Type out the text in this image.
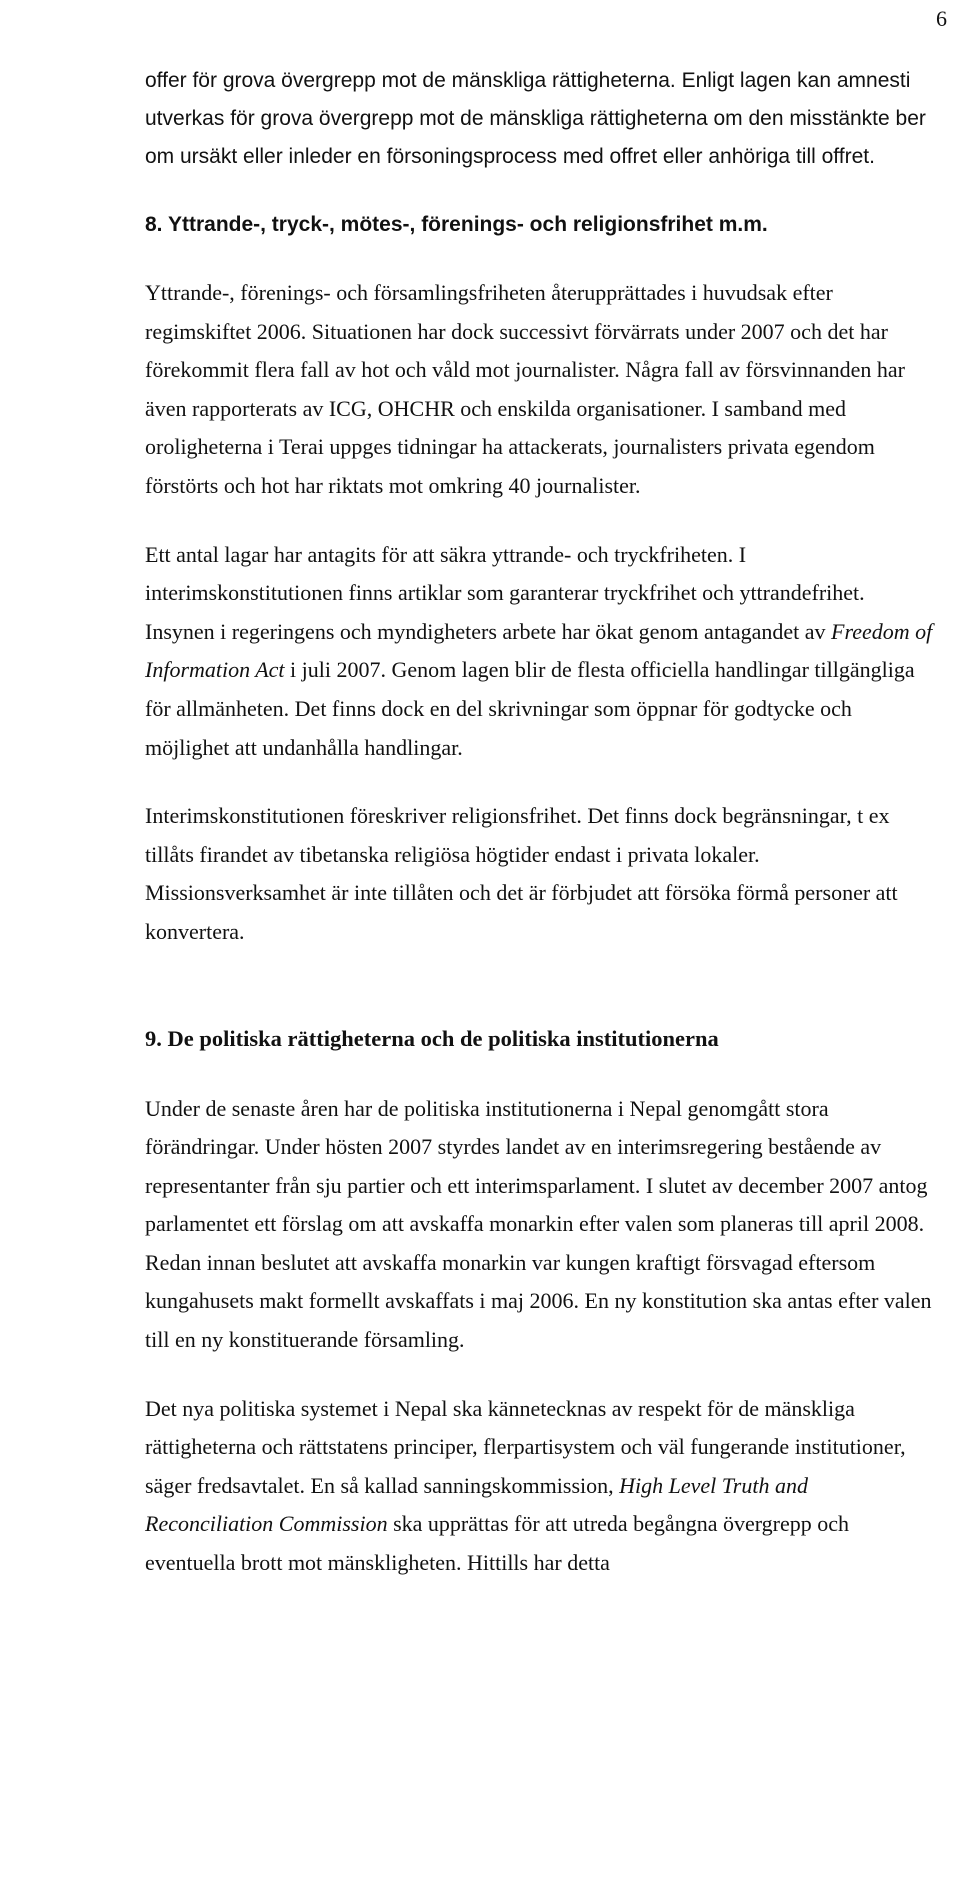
6

offer för grova övergrepp mot de mänskliga rättigheterna. Enligt lagen kan amnesti utverkas för grova övergrepp mot de mänskliga rättigheterna om den misstänkte ber om ursäkt eller inleder en försoningsprocess med offret eller anhöriga till offret.

8. Yttrande-, tryck-, mötes-, förenings- och religionsfrihet m.m.

Yttrande-, förenings- och församlingsfriheten återupprättades i huvudsak efter regimskiftet 2006. Situationen har dock successivt förvärrats under 2007 och det har förekommit flera fall av hot och våld mot journalister. Några fall av försvinnanden har även rapporterats av ICG, OHCHR och enskilda organisationer. I samband med oroligheterna i Terai uppges tidningar ha attackerats, journalisters privata egendom förstörts och hot har riktats mot omkring 40 journalister.

Ett antal lagar har antagits för att säkra yttrande- och tryckfriheten. I interimskonstitutionen finns artiklar som garanterar tryckfrihet och yttrandefrihet. Insynen i regeringens och myndigheters arbete har ökat genom antagandet av Freedom of Information Act i juli 2007. Genom lagen blir de flesta officiella handlingar tillgängliga för allmänheten. Det finns dock en del skrivningar som öppnar för godtycke och möjlighet att undanhålla handlingar.

Interimskonstitutionen föreskriver religionsfrihet. Det finns dock begränsningar, t ex tillåts firandet av tibetanska religiösa högtider endast i privata lokaler. Missionsverksamhet är inte tillåten och det är förbjudet att försöka förmå personer att konvertera.

9. De politiska rättigheterna och de politiska institutionerna

Under de senaste åren har de politiska institutionerna i Nepal genomgått stora förändringar. Under hösten 2007 styrdes landet av en interimsregering bestående av representanter från sju partier och ett interimsparlament. I slutet av december 2007 antog parlamentet ett förslag om att avskaffa monarkin efter valen som planeras till april 2008. Redan innan beslutet att avskaffa monarkin var kungen kraftigt försvagad eftersom kungahusets makt formellt avskaffats i maj 2006. En ny konstitution ska antas efter valen till en ny konstituerande församling.

Det nya politiska systemet i Nepal ska kännetecknas av respekt för de mänskliga rättigheterna och rättstatens principer, flerpartisystem och väl fungerande institutioner, säger fredsavtalet. En så kallad sanningskommission, High Level Truth and Reconciliation Commission ska upprättas för att utreda begångna övergrepp och eventuella brott mot mänskligheten. Hittills har detta
